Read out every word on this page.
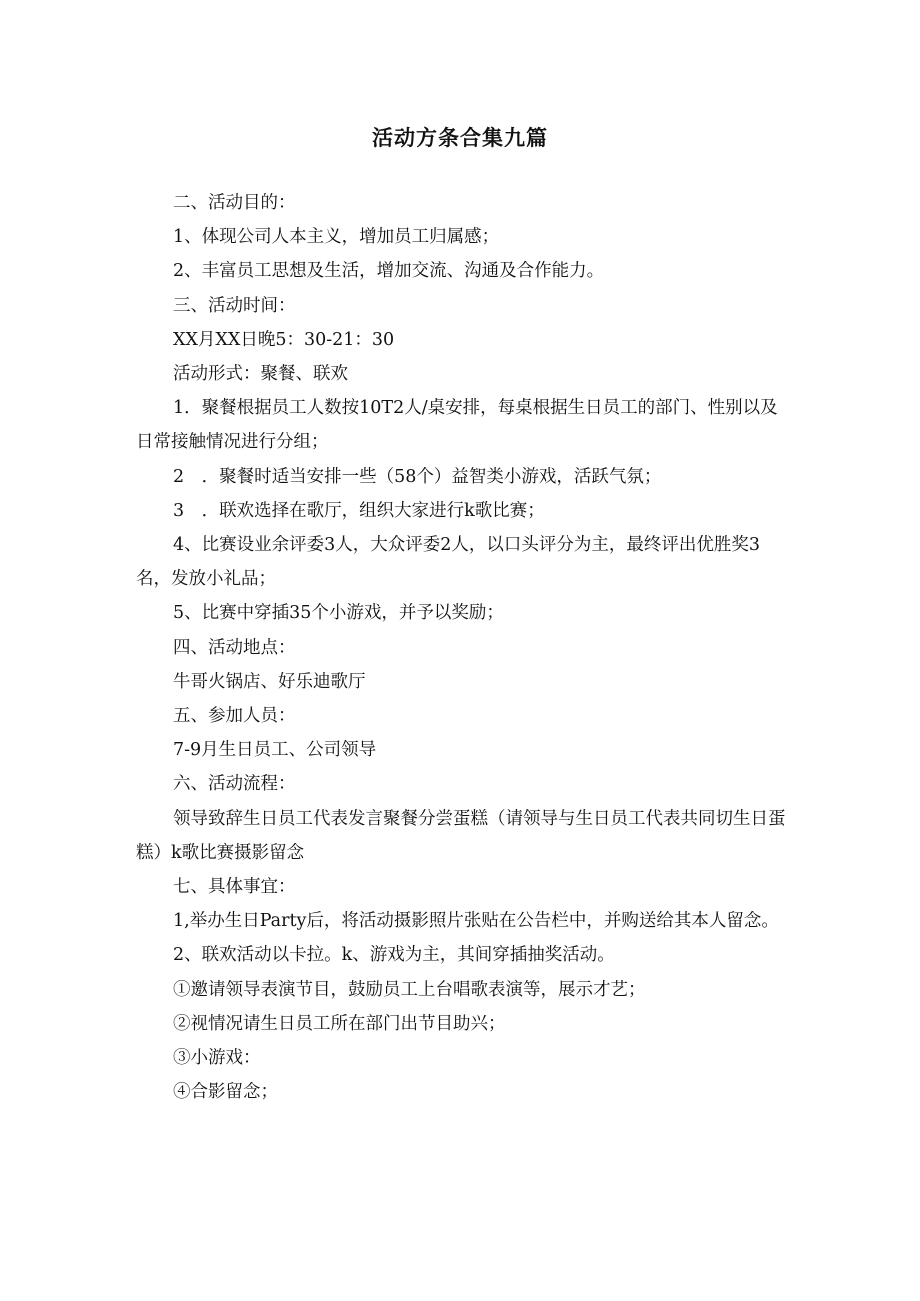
活动方条合集九篇

二、活动目的：

1、体现公司人本主义，增加员工归属感；

2、丰富员工思想及生活，增加交流、沟通及合作能力。

三、活动时间：

XX月XX日晚5：30-21：30

活动形式：聚餐、联欢

1．聚餐根据员工人数按10T2人/桌安排，每桌根据生日员工的部门、性别以及日常接触情况进行分组；

2　．聚餐时适当安排一些（58个）益智类小游戏，活跃气氛；

3　．联欢选择在歌厅，组织大家进行k歌比赛；

4、比赛设业余评委3人，大众评委2人，以口头评分为主，最终评出优胜奖3名，发放小礼品；

5、比赛中穿插35个小游戏，并予以奖励；

四、活动地点：

牛哥火锅店、好乐迪歌厅

五、参加人员：

7-9月生日员工、公司领导

六、活动流程：

领导致辞生日员工代表发言聚餐分尝蛋糕（请领导与生日员工代表共同切生日蛋糕）k歌比赛摄影留念

七、具体事宜：

1,举办生日Party后，将活动摄影照片张贴在公告栏中，并购送给其本人留念。

2、联欢活动以卡拉。k、游戏为主，其间穿插抽奖活动。

①邀请领导表演节目，鼓励员工上台唱歌表演等，展示才艺；

②视情况请生日员工所在部门出节目助兴；

③小游戏：

④合影留念；
